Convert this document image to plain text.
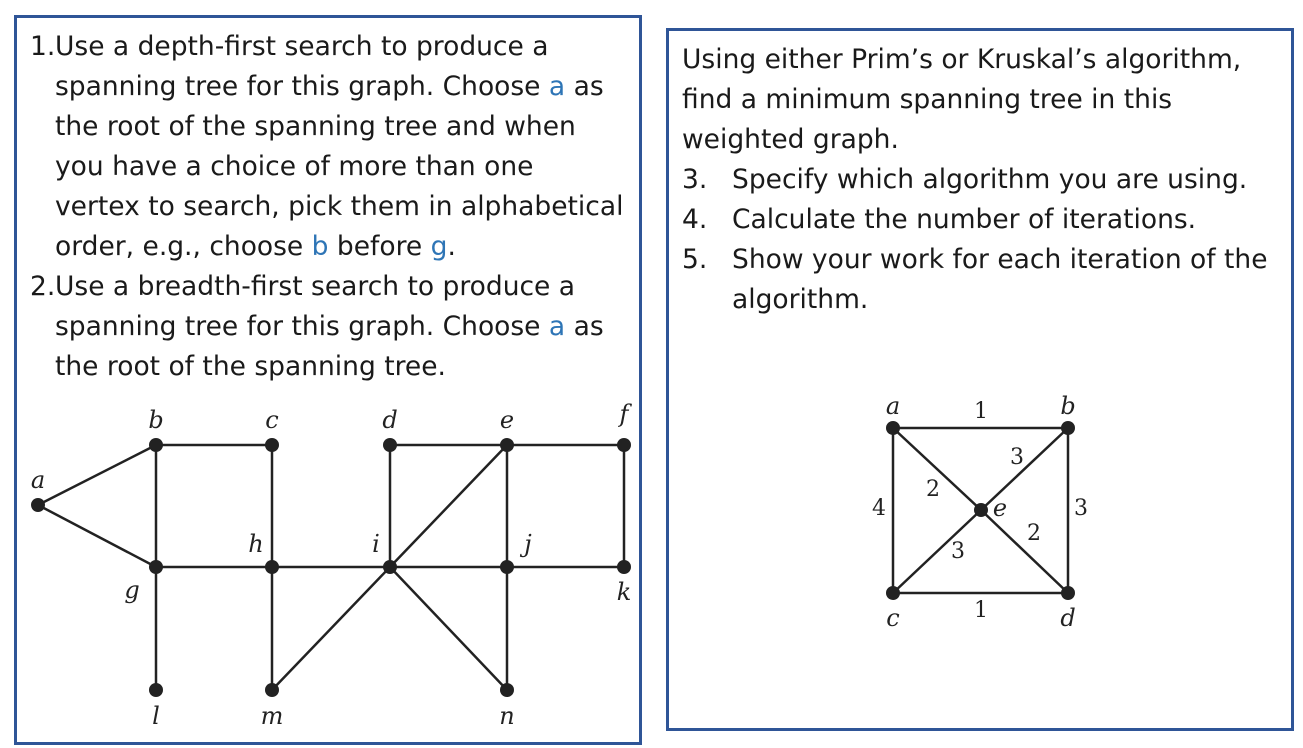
1. Use a depth-first search to produce a
spanning tree for this graph. Choose a as
the root of the spanning tree and when
you have a choice of more than one
vertex to search, pick them in alphabetical
order, e.g., choose b before g.
2. Use a breadth-first search to produce a
spanning tree for this graph. Choose a as
the root of the spanning tree.
Using either Prim’s or Kruskal’s algorithm,
find a minimum spanning tree in this
weighted graph.
3. Specify which algorithm you are using.
4. Calculate the number of iterations.
5. Show your work for each iteration of the
algorithm.
a
b	c	d	e	f
g
h	i	j
k
l	m	n
1
1
4	3
2
3
3
2
a	b
c	d
e
